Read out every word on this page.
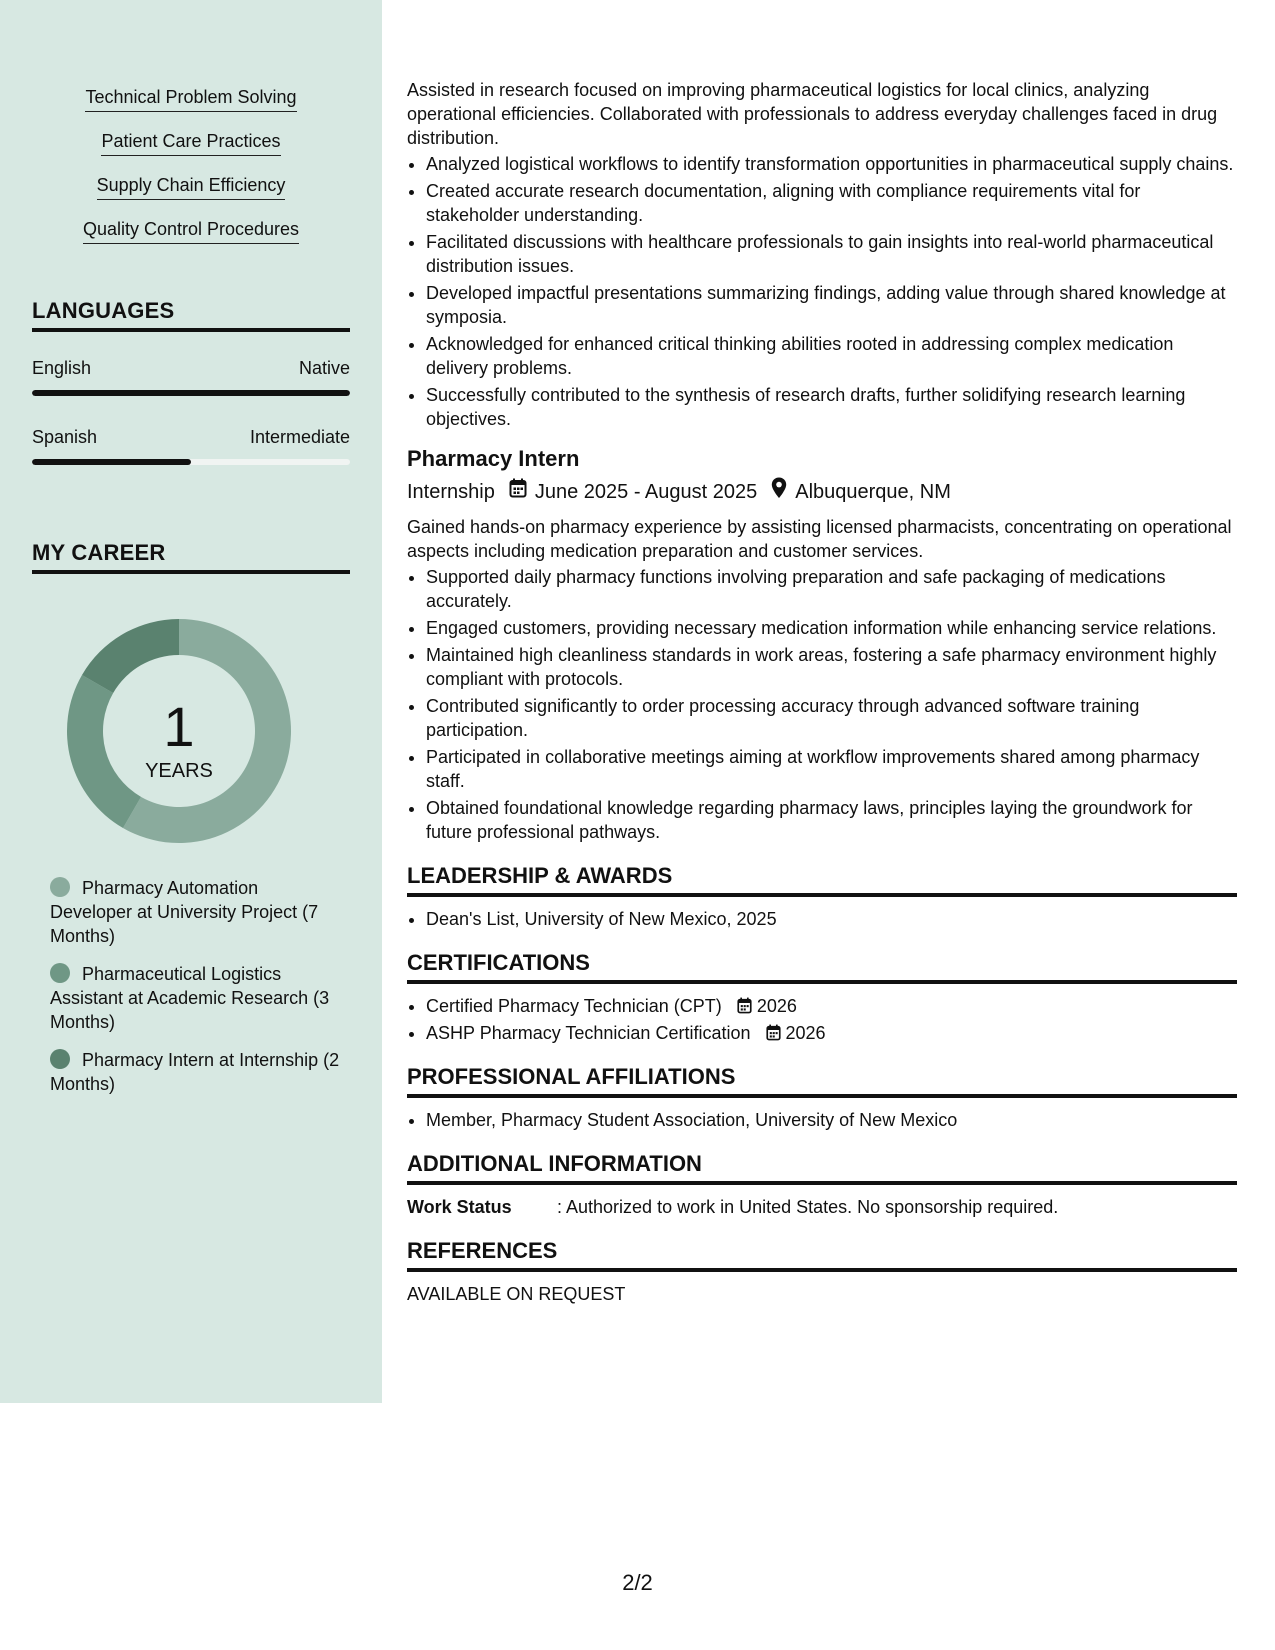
Technical Problem Solving
Patient Care Practices
Supply Chain Efficiency
Quality Control Procedures
LANGUAGES
English	Native
Spanish	Intermediate
MY CAREER
1
YEARS
Pharmacy Automation Developer at University Project (7 Months)
Pharmaceutical Logistics Assistant at Academic Research (3 Months)
Pharmacy Intern at Internship (2 Months)

Assisted in research focused on improving pharmaceutical logistics for local clinics, analyzing operational efficiencies. Collaborated with professionals to address everyday challenges faced in drug distribution.

• Analyzed logistical workflows to identify transformation opportunities in pharmaceutical supply chains.
• Created accurate research documentation, aligning with compliance requirements vital for stakeholder understanding.
• Facilitated discussions with healthcare professionals to gain insights into real-world pharmaceutical distribution issues.
• Developed impactful presentations summarizing findings, adding value through shared knowledge at symposia.
• Acknowledged for enhanced critical thinking abilities rooted in addressing complex medication delivery problems.
• Successfully contributed to the synthesis of research drafts, further solidifying research learning objectives.
Pharmacy Intern
Internship June 2025 - August 2025 Albuquerque, NM

Gained hands-on pharmacy experience by assisting licensed pharmacists, concentrating on operational aspects including medication preparation and customer services.

• Supported daily pharmacy functions involving preparation and safe packaging of medications accurately.
• Engaged customers, providing necessary medication information while enhancing service relations.
• Maintained high cleanliness standards in work areas, fostering a safe pharmacy environment highly compliant with protocols.
• Contributed significantly to order processing accuracy through advanced software training participation.
• Participated in collaborative meetings aiming at workflow improvements shared among pharmacy staff.
• Obtained foundational knowledge regarding pharmacy laws, principles laying the groundwork for future professional pathways.
LEADERSHIP & AWARDS
• Dean's List, University of New Mexico, 2025
CERTIFICATIONS
• Certified Pharmacy Technician (CPT) 2026
• ASHP Pharmacy Technician Certification 2026
PROFESSIONAL AFFILIATIONS
• Member, Pharmacy Student Association, University of New Mexico
ADDITIONAL INFORMATION
Work Status	: Authorized to work in United States. No sponsorship required.
REFERENCES
AVAILABLE ON REQUEST
2/2
